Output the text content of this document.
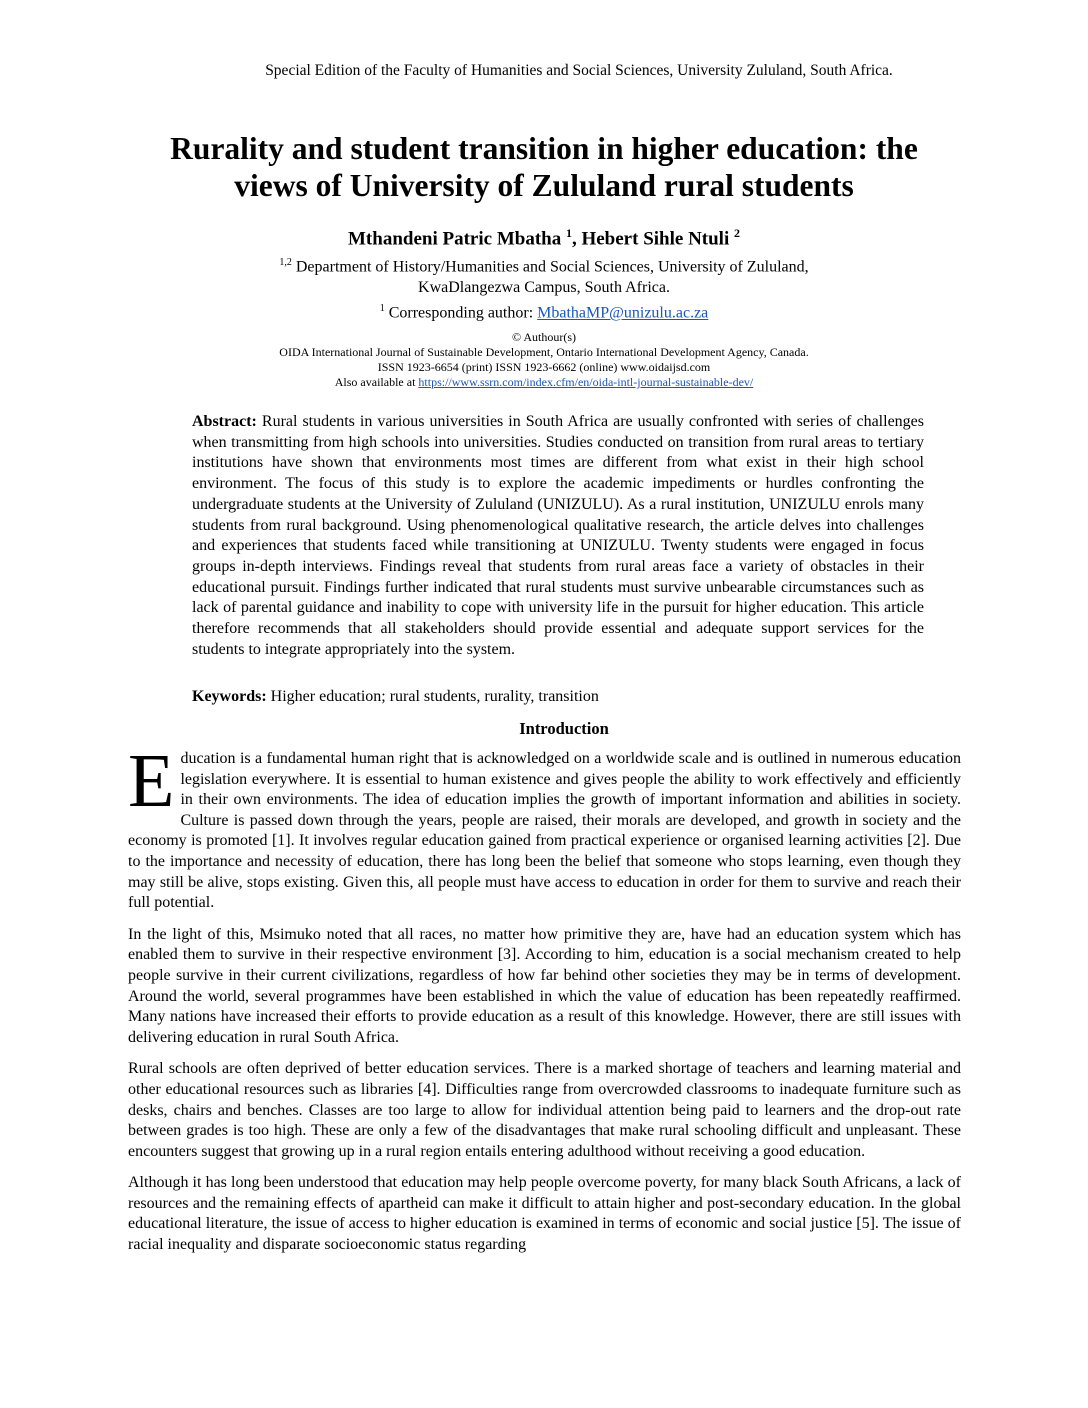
Special Edition of the Faculty of Humanities and Social Sciences, University Zululand, South Africa.
Rurality and student transition in higher education: the
views of University of Zululand rural students
Mthandeni Patric Mbatha $^1$, Hebert Sihle Ntuli $^2$
$^{1,2}$ Department of History/Humanities and Social Sciences, University of Zululand,
KwaDlangezwa Campus, South Africa.
$^1$ Corresponding author: MbathaMP@unizulu.ac.za
© Authour(s)
OIDA International Journal of Sustainable Development, Ontario International Development Agency, Canada.
ISSN 1923-6654 (print) ISSN 1923-6662 (online) www.oidaijsd.com
Also available at https://www.ssrn.com/index.cfm/en/oida-intl-journal-sustainable-dev/
Abstract: Rural students in various universities in South Africa are usually confronted with series of challenges when transmitting from high schools into universities. Studies conducted on transition from rural areas to tertiary institutions have shown that environments most times are different from what exist in their high school environment. The focus of this study is to explore the academic impediments or hurdles confronting the undergraduate students at the University of Zululand (UNIZULU). As a rural institution, UNIZULU enrols many students from rural background. Using phenomenological qualitative research, the article delves into challenges and experiences that students faced while transitioning at UNIZULU. Twenty students were engaged in focus groups in-depth interviews. Findings reveal that students from rural areas face a variety of obstacles in their educational pursuit. Findings further indicated that rural students must survive unbearable circumstances such as lack of parental guidance and inability to cope with university life in the pursuit for higher education. This article therefore recommends that all stakeholders should provide essential and adequate support services for the students to integrate appropriately into the system.
Keywords: Higher education; rural students, rurality, transition
Introduction

Education is a fundamental human right that is acknowledged on a worldwide scale and is outlined in numerous education legislation everywhere. It is essential to human existence and gives people the ability to work effectively and efficiently in their own environments. The idea of education implies the growth of important information and abilities in society. Culture is passed down through the years, people are raised, their morals are developed, and growth in society and the economy is promoted [1]. It involves regular education gained from practical experience or organised learning activities [2]. Due to the importance and necessity of education, there has long been the belief that someone who stops learning, even though they may still be alive, stops existing. Given this, all people must have access to education in order for them to survive and reach their full potential.

In the light of this, Msimuko noted that all races, no matter how primitive they are, have had an education system which has enabled them to survive in their respective environment [3]. According to him, education is a social mechanism created to help people survive in their current civilizations, regardless of how far behind other societies they may be in terms of development. Around the world, several programmes have been established in which the value of education has been repeatedly reaffirmed. Many nations have increased their efforts to provide education as a result of this knowledge. However, there are still issues with delivering education in rural South Africa.

Rural schools are often deprived of better education services. There is a marked shortage of teachers and learning material and other educational resources such as libraries [4]. Difficulties range from overcrowded classrooms to inadequate furniture such as desks, chairs and benches. Classes are too large to allow for individual attention being paid to learners and the drop-out rate between grades is too high. These are only a few of the disadvantages that make rural schooling difficult and unpleasant. These encounters suggest that growing up in a rural region entails entering adulthood without receiving a good education.

Although it has long been understood that education may help people overcome poverty, for many black South Africans, a lack of resources and the remaining effects of apartheid can make it difficult to attain higher and post-secondary education. In the global educational literature, the issue of access to higher education is examined in terms of economic and social justice [5]. The issue of racial inequality and disparate socioeconomic status regarding
